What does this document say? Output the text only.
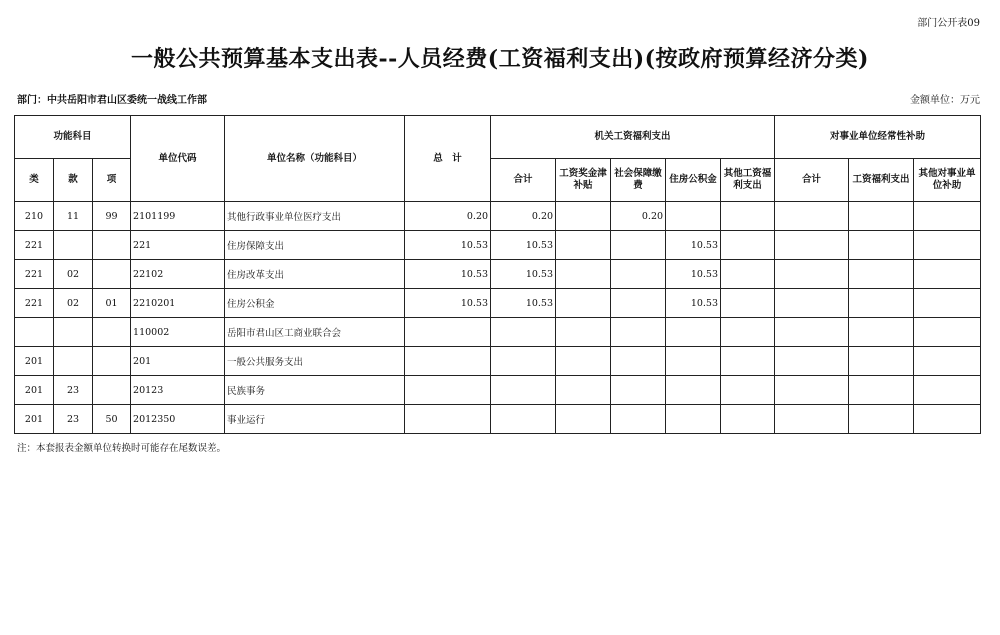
部门公开表09
一般公共预算基本支出表--人员经费(工资福利支出)(按政府预算经济分类)
部门：中共岳阳市君山区委统一战线工作部	金额单位：万元
功能科目			单位代码	单位名称（功能科目）	总　计	机关工资福利支出					对事业单位经常性补助		
类	款	项				合计	工资奖金津补贴	社会保障缴费	住房公积金	其他工资福利支出	合计	工资福利支出	其他对事业单位补助
210	11	99	2101199	其他行政事业单位医疗支出	0.20	0.20		0.20					
221			221	住房保障支出	10.53	10.53			10.53				
221	02		22102	住房改革支出	10.53	10.53			10.53				
221	02	01	2210201	住房公积金	10.53	10.53			10.53				
			110002	岳阳市君山区工商业联合会									
201			201	一般公共服务支出									
201	23		20123	民族事务									
201	23	50	2012350	事业运行									
注：本套报表金额单位转换时可能存在尾数误差。
